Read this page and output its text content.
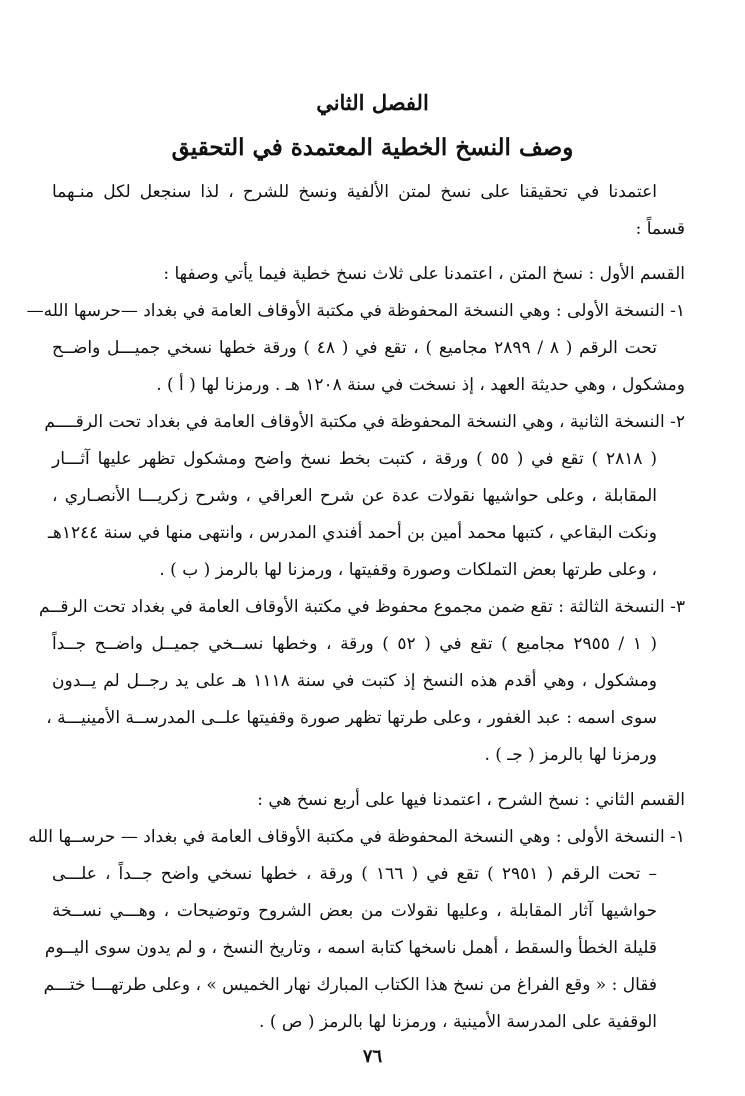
الفصل الثاني
وصف النسخ الخطية المعتمدة في التحقيق
اعتمدنا في تحقيقنا على نسخ لمتن الألفية ونسخ للشرح ، لذا سنجعل لكل منـهما
قسماً :
القسم الأول : نسخ المتن ، اعتمدنا على ثلاث نسخ خطية فيما يأتي وصفها :
١- النسخة الأولى : وهي النسخة المحفوظة في مكتبة الأوقاف العامة في بغداد —حرسها الله—
تحت الرقم ( ٨ / ٢٨٩٩ مجاميع ) ، تقع في ( ٤٨ ) ورقة خطها نسخي جميـــل واضــح
ومشكول ، وهي حديثة العهد ، إذ نسخت في سنة ١٢٠٨ هـ . ورمزنا لها ( أ ) .
٢- النسخة الثانية ، وهي النسخة المحفوظة في مكتبة الأوقاف العامة في بغداد تحت الرقــــم
( ٢٨١٨ ) تقع في ( ٥٥ ) ورقة ، كتبت بخط نسخ واضح ومشكول تظهر عليها آثـــار
المقابلة ، وعلى حواشيها نقولات عدة عن شرح العراقي ، وشرح زكريـــا الأنصـاري ،
ونكت البقاعي ، كتبها محمد أمين بن أحمد أفندي المدرس ، وانتهى منها في سنة ١٢٤٤هـ
، وعلى طرتها بعض التملكات وصورة وقفيتها ، ورمزنا لها بالرمز ( ب ) .
٣- النسخة الثالثة : تقع ضمن مجموع محفوظ في مكتبة الأوقاف العامة في بغداد تحت الرقــم
( ١ / ٢٩٥٥ مجاميع ) تقع في ( ٥٢ ) ورقة ، وخطها نســخي جميــل واضــح جــداً
ومشكول ، وهي أقدم هذه النسخ إذ كتبت في سنة ١١١٨ هـ على يد رجــل لم يــدون
سوى اسمه : عبد الغفور ، وعلى طرتها تظهر صورة وقفيتها علــى المدرســة الأمينيـــة ،
ورمزنا لها بالرمز ( جـ ) .
القسم الثاني : نسخ الشرح ، اعتمدنا فيها على أربع نسخ هي :
١- النسخة الأولى : وهي النسخة المحفوظة في مكتبة الأوقاف العامة في بغداد — حرســها الله
– تحت الرقم ( ٢٩٥١ ) تقع في ( ١٦٦ ) ورقة ، خطها نسخي واضح جــداً ، علـــى
حواشيها آثار المقابلة ، وعليها نقولات من بعض الشروح وتوضيحات ، وهـــي نســخة
قليلة الخطأ والسقط ، أهمل ناسخها كتابة اسمه ، وتاريخ النسخ ، و لم يدون سوى اليــوم
فقال : « وقع الفراغ من نسخ هذا الكتاب المبارك نهار الخميس » ، وعلى طرتهـــا ختـــم
الوقفية على المدرسة الأمينية ، ورمزنا لها بالرمز ( ص ) .
٧٦
